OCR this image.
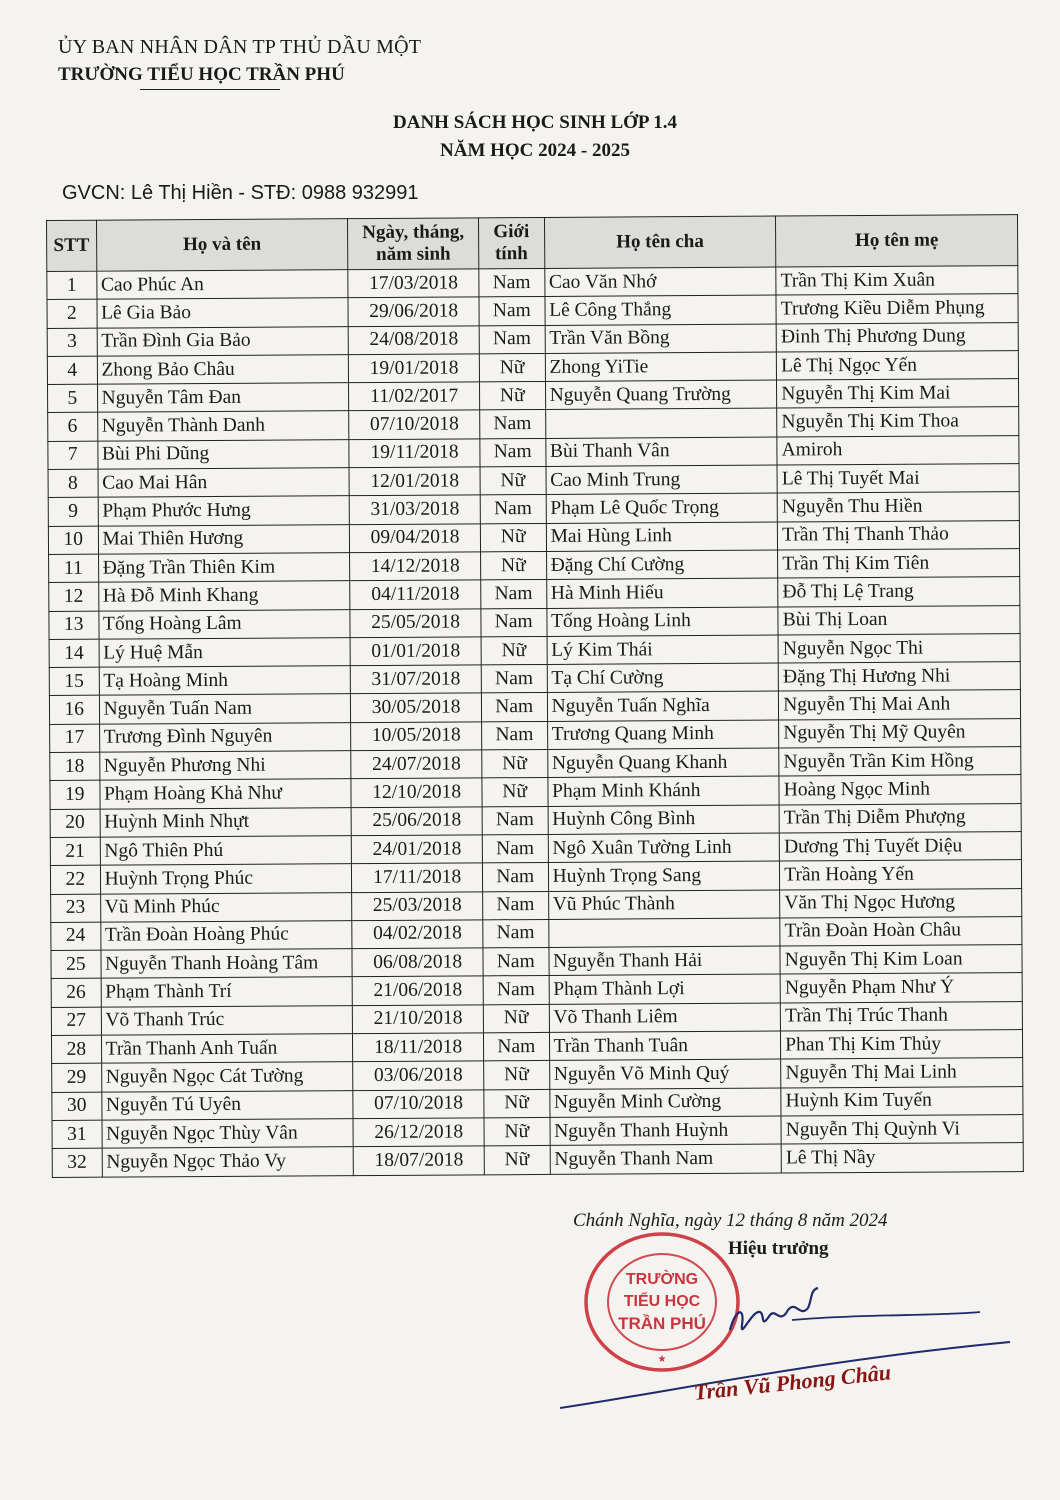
ỦY BAN NHÂN DÂN TP THỦ DẦU MỘT
TRƯỜNG TIỂU HỌC TRẦN PHÚ
DANH SÁCH HỌC SINH LỚP 1.4
NĂM HỌC 2024 - 2025
GVCN: Lê Thị Hiền - STĐ: 0988 932991
STT	Họ và tên	Ngày, tháng, năm sinh	Giới tính	Họ tên cha	Họ tên mẹ
1	Cao Phúc An	17/03/2018	Nam	Cao Văn Nhớ	Trần Thị Kim Xuân
2	Lê Gia Bảo	29/06/2018	Nam	Lê Công Thắng	Trương Kiều Diễm Phụng
3	Trần Đình Gia Bảo	24/08/2018	Nam	Trần Văn Bồng	Đinh Thị Phương Dung
4	Zhong Bảo Châu	19/01/2018	Nữ	Zhong YiTie	Lê Thị Ngọc Yến
5	Nguyễn Tâm Đan	11/02/2017	Nữ	Nguyễn Quang Trường	Nguyễn Thị Kim Mai
6	Nguyễn Thành Danh	07/10/2018	Nam		Nguyễn Thị Kim Thoa
7	Bùi Phi Dũng	19/11/2018	Nam	Bùi Thanh Vân	Amiroh
8	Cao Mai Hân	12/01/2018	Nữ	Cao Minh Trung	Lê Thị Tuyết Mai
9	Phạm Phước Hưng	31/03/2018	Nam	Phạm Lê Quốc Trọng	Nguyễn Thu Hiền
10	Mai Thiên Hương	09/04/2018	Nữ	Mai Hùng Linh	Trần Thị Thanh Thảo
11	Đặng Trần Thiên Kim	14/12/2018	Nữ	Đặng Chí Cường	Trần Thị Kim Tiên
12	Hà Đỗ Minh Khang	04/11/2018	Nam	Hà Minh Hiếu	Đỗ Thị Lệ Trang
13	Tống Hoàng Lâm	25/05/2018	Nam	Tống Hoàng Linh	Bùi Thị Loan
14	Lý Huệ Mẫn	01/01/2018	Nữ	Lý Kim Thái	Nguyễn Ngọc Thi
15	Tạ Hoàng Minh	31/07/2018	Nam	Tạ Chí Cường	Đặng Thị Hương Nhi
16	Nguyễn Tuấn Nam	30/05/2018	Nam	Nguyễn Tuấn Nghĩa	Nguyễn Thị Mai Anh
17	Trương Đình Nguyên	10/05/2018	Nam	Trương Quang Minh	Nguyễn Thị Mỹ Quyên
18	Nguyễn Phương Nhi	24/07/2018	Nữ	Nguyễn Quang Khanh	Nguyễn Trần Kim Hồng
19	Phạm Hoàng Khả Như	12/10/2018	Nữ	Phạm Minh Khánh	Hoàng Ngọc Minh
20	Huỳnh Minh Nhựt	25/06/2018	Nam	Huỳnh Công Bình	Trần Thị Diễm Phượng
21	Ngô Thiên Phú	24/01/2018	Nam	Ngô Xuân Tường Linh	Dương Thị Tuyết Diệu
22	Huỳnh Trọng Phúc	17/11/2018	Nam	Huỳnh Trọng Sang	Trần Hoàng Yến
23	Vũ Minh Phúc	25/03/2018	Nam	Vũ Phúc Thành	Văn Thị Ngọc Hương
24	Trần Đoàn Hoàng Phúc	04/02/2018	Nam		Trần Đoàn Hoàn Châu
25	Nguyễn Thanh Hoàng Tâm	06/08/2018	Nam	Nguyễn Thanh Hải	Nguyễn Thị Kim Loan
26	Phạm Thành Trí	21/06/2018	Nam	Phạm Thành Lợi	Nguyễn Phạm Như Ý
27	Võ Thanh Trúc	21/10/2018	Nữ	Võ Thanh Liêm	Trần Thị Trúc Thanh
28	Trần Thanh Anh Tuấn	18/11/2018	Nam	Trần Thanh Tuân	Phan Thị Kim Thủy
29	Nguyễn Ngọc Cát Tường	03/06/2018	Nữ	Nguyễn Võ Minh Quý	Nguyễn Thị Mai Linh
30	Nguyễn Tú Uyên	07/10/2018	Nữ	Nguyễn Minh Cường	Huỳnh Kim Tuyến
31	Nguyễn Ngọc Thùy Vân	26/12/2018	Nữ	Nguyễn Thanh Huỳnh	Nguyễn Thị Quỳnh Vi
32	Nguyễn Ngọc Thảo Vy	18/07/2018	Nữ	Nguyễn Thanh Nam	Lê Thị Nầy
Chánh Nghĩa, ngày 12 tháng 8 năm 2024
Hiệu trưởng
TRƯỜNG
TIỂU HỌC
TRẦN PHÚ
★ Trần Vũ Phong Châu
